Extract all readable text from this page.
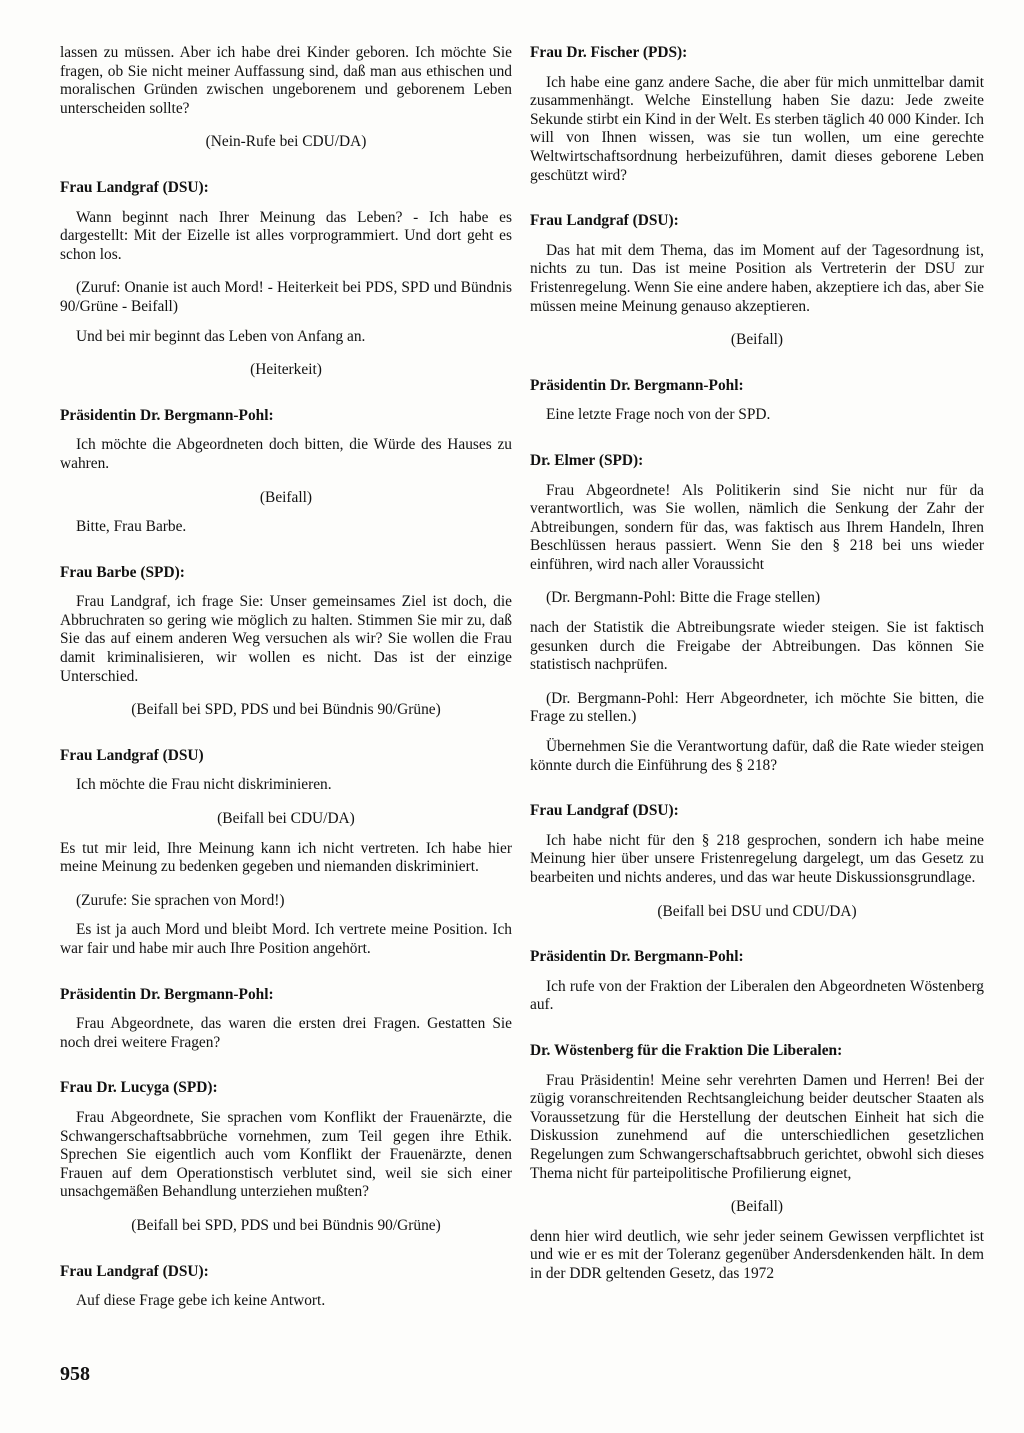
lassen zu müssen. Aber ich habe drei Kinder geboren. Ich möchte Sie fragen, ob Sie nicht meiner Auffassung sind, daß man aus ethischen und moralischen Gründen zwischen ungeborenem und geborenem Leben unterscheiden sollte?

(Nein-Rufe bei CDU/DA)

Frau Landgraf (DSU):

Wann beginnt nach Ihrer Meinung das Leben? - Ich habe es dargestellt: Mit der Eizelle ist alles vorprogrammiert. Und dort geht es schon los.

(Zuruf: Onanie ist auch Mord! - Heiterkeit bei PDS, SPD und Bündnis 90/Grüne - Beifall)

Und bei mir beginnt das Leben von Anfang an.

(Heiterkeit)

Präsidentin Dr. Bergmann-Pohl:

Ich möchte die Abgeordneten doch bitten, die Würde des Hauses zu wahren.

(Beifall)

Bitte, Frau Barbe.

Frau Barbe (SPD):

Frau Landgraf, ich frage Sie: Unser gemeinsames Ziel ist doch, die Abbruchraten so gering wie möglich zu halten. Stimmen Sie mir zu, daß Sie das auf einem anderen Weg versuchen als wir? Sie wollen die Frau damit kriminalisieren, wir wollen es nicht. Das ist der einzige Unterschied.

(Beifall bei SPD, PDS und bei Bündnis 90/Grüne)

Frau Landgraf (DSU)

Ich möchte die Frau nicht diskriminieren.

(Beifall bei CDU/DA)

Es tut mir leid, Ihre Meinung kann ich nicht vertreten. Ich habe hier meine Meinung zu bedenken gegeben und niemanden diskriminiert.

(Zurufe: Sie sprachen von Mord!)

Es ist ja auch Mord und bleibt Mord. Ich vertrete meine Position. Ich war fair und habe mir auch Ihre Position angehört.

Präsidentin Dr. Bergmann-Pohl:

Frau Abgeordnete, das waren die ersten drei Fragen. Gestatten Sie noch drei weitere Fragen?

Frau Dr. Lucyga (SPD):

Frau Abgeordnete, Sie sprachen vom Konflikt der Frauenärzte, die Schwangerschaftsabbrüche vornehmen, zum Teil gegen ihre Ethik. Sprechen Sie eigentlich auch vom Konflikt der Frauenärzte, denen Frauen auf dem Operationstisch verblutet sind, weil sie sich einer unsachgemäßen Behandlung unterziehen mußten?

(Beifall bei SPD, PDS und bei Bündnis 90/Grüne)

Frau Landgraf (DSU):

Auf diese Frage gebe ich keine Antwort.

Frau Dr. Fischer (PDS):

Ich habe eine ganz andere Sache, die aber für mich unmittelbar damit zusammenhängt. Welche Einstellung haben Sie dazu: Jede zweite Sekunde stirbt ein Kind in der Welt. Es sterben täglich 40 000 Kinder. Ich will von Ihnen wissen, was sie tun wollen, um eine gerechte Weltwirtschaftsordnung herbeizuführen, damit dieses geborene Leben geschützt wird?

Frau Landgraf (DSU):

Das hat mit dem Thema, das im Moment auf der Tagesordnung ist, nichts zu tun. Das ist meine Position als Vertreterin der DSU zur Fristenregelung. Wenn Sie eine andere haben, akzeptiere ich das, aber Sie müssen meine Meinung genauso akzeptieren.

(Beifall)

Präsidentin Dr. Bergmann-Pohl:

Eine letzte Frage noch von der SPD.

Dr. Elmer (SPD):

Frau Abgeordnete! Als Politikerin sind Sie nicht nur für da verantwortlich, was Sie wollen, nämlich die Senkung der Zahr der Abtreibungen, sondern für das, was faktisch aus Ihrem Handeln, Ihren Beschlüssen heraus passiert. Wenn Sie den § 218 bei uns wieder einführen, wird nach aller Voraussicht

(Dr. Bergmann-Pohl: Bitte die Frage stellen)

nach der Statistik die Abtreibungsrate wieder steigen. Sie ist faktisch gesunken durch die Freigabe der Abtreibungen. Das können Sie statistisch nachprüfen.

(Dr. Bergmann-Pohl: Herr Abgeordneter, ich möchte Sie bitten, die Frage zu stellen.)

Übernehmen Sie die Verantwortung dafür, daß die Rate wieder steigen könnte durch die Einführung des § 218?

Frau Landgraf (DSU):

Ich habe nicht für den § 218 gesprochen, sondern ich habe meine Meinung hier über unsere Fristenregelung dargelegt, um das Gesetz zu bearbeiten und nichts anderes, und das war heute Diskussionsgrundlage.

(Beifall bei DSU und CDU/DA)

Präsidentin Dr. Bergmann-Pohl:

Ich rufe von der Fraktion der Liberalen den Abgeordneten Wöstenberg auf.

Dr. Wöstenberg für die Fraktion Die Liberalen:

Frau Präsidentin! Meine sehr verehrten Damen und Herren! Bei der zügig voranschreitenden Rechtsangleichung beider deutscher Staaten als Voraussetzung für die Herstellung der deutschen Einheit hat sich die Diskussion zunehmend auf die unterschiedlichen gesetzlichen Regelungen zum Schwangerschaftsabbruch gerichtet, obwohl sich dieses Thema nicht für parteipolitische Profilierung eignet,

(Beifall)

denn hier wird deutlich, wie sehr jeder seinem Gewissen verpflichtet ist und wie er es mit der Toleranz gegenüber Andersdenkenden hält. In dem in der DDR geltenden Gesetz, das 1972

958
